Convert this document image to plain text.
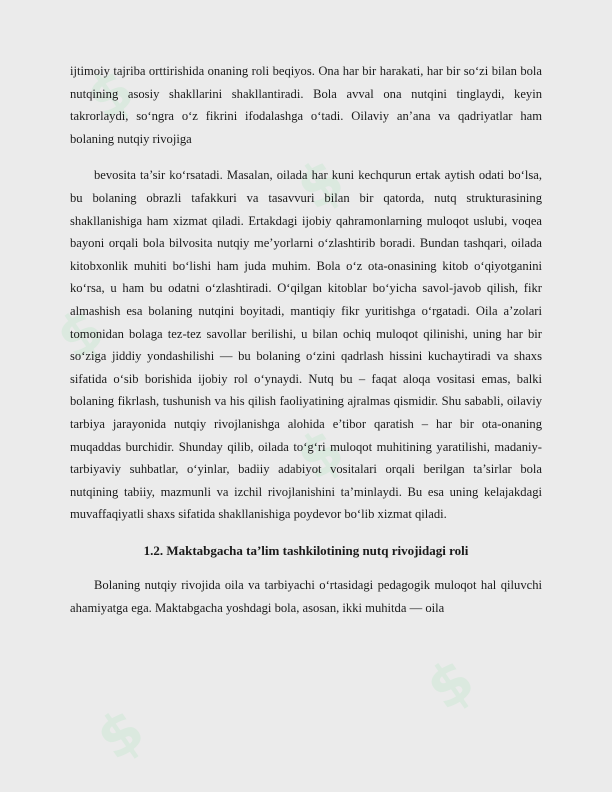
$
$
$
$
$
$

ijtimoiy tajriba orttirishida onaning roli beqiyos. Ona har bir harakati, har bir so‘zi bilan bola nutqining asosiy shakllarini shakllantiradi. Bola avval ona nutqini tinglaydi, keyin takrorlaydi, so‘ngra o‘z fikrini ifodalashga o‘tadi. Oilaviy an’ana va qadriyatlar ham bolaning nutqiy rivojiga

bevosita ta’sir ko‘rsatadi. Masalan, oilada har kuni kechqurun ertak aytish odati bo‘lsa, bu bolaning obrazli tafakkuri va tasavvuri bilan bir qatorda, nutq strukturasining shakllanishiga ham xizmat qiladi. Ertakdagi ijobiy qahramonlarning muloqot uslubi, voqea bayoni orqali bola bilvosita nutqiy me’yorlarni o‘zlashtirib boradi. Bundan tashqari, oilada kitobxonlik muhiti bo‘lishi ham juda muhim. Bola o‘z ota-onasining kitob o‘qiyotganini ko‘rsa, u ham bu odatni o‘zlashtiradi. O‘qilgan kitoblar bo‘yicha savol-javob qilish, fikr almashish esa bolaning nutqini boyitadi, mantiqiy fikr yuritishga o‘rgatadi. Oila a’zolari tomonidan bolaga tez-tez savollar berilishi, u bilan ochiq muloqot qilinishi, uning har bir so‘ziga jiddiy yondashilishi — bu bolaning o‘zini qadrlash hissini kuchaytiradi va shaxs sifatida o‘sib borishida ijobiy rol o‘ynaydi. Nutq bu – faqat aloqa vositasi emas, balki bolaning fikrlash, tushunish va his qilish faoliyatining ajralmas qismidir. Shu sababli, oilaviy tarbiya jarayonida nutqiy rivojlanishga alohida e’tibor qaratish – har bir ota-onaning muqaddas burchidir. Shunday qilib, oilada to‘g‘ri muloqot muhitining yaratilishi, madaniy-tarbiyaviy suhbatlar, o‘yinlar, badiiy adabiyot vositalari orqali berilgan ta’sirlar bola nutqining tabiiy, mazmunli va izchil rivojlanishini ta’minlaydi. Bu esa uning kelajakdagi muvaffaqiyatli shaxs sifatida shakllanishiga poydevor bo‘lib xizmat qiladi.

1.2. Maktabgacha ta’lim tashkilotining nutq rivojidagi roli

Bolaning nutqiy rivojida oila va tarbiyachi o‘rtasidagi pedagogik muloqot hal qiluvchi ahamiyatga ega. Maktabgacha yoshdagi bola, asosan, ikki muhitda — oila
